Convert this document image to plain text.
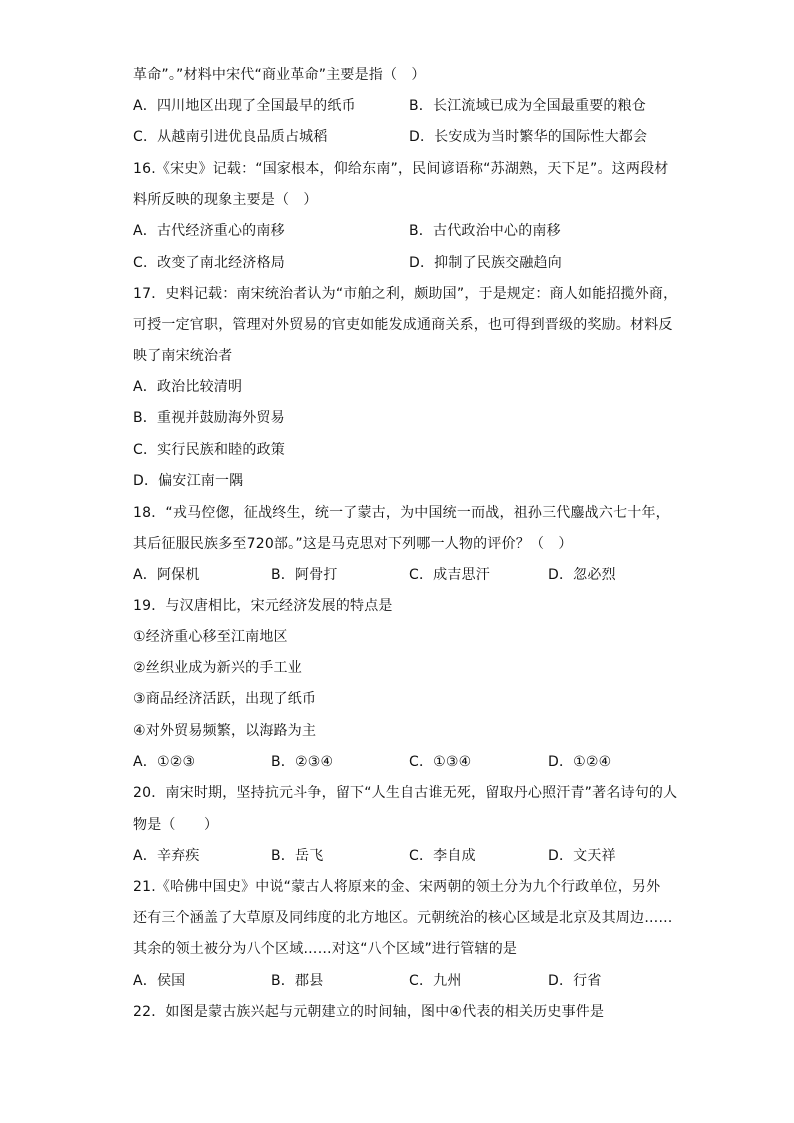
革命”。”材料中宋代“商业革命”主要是指（　）
A．四川地区出现了全国最早的纸币	B．长江流域已成为全国最重要的粮仓
C．从越南引进优良品质占城稻	D．长安成为当时繁华的国际性大都会
16.《宋史》记载：“国家根本，仰给东南”，民间谚语称“苏湖熟，天下足”。这两段材
料所反映的现象主要是（　）
A．古代经济重心的南移	B．古代政治中心的南移
C．改变了南北经济格局	D．抑制了民族交融趋向
17．史料记载：南宋统治者认为“市舶之利，颇助国”，于是规定：商人如能招揽外商，
可授一定官职，管理对外贸易的官吏如能发成通商关系，也可得到晋级的奖励。材料反
映了南宋统治者
A．政治比较清明
B．重视并鼓励海外贸易
C．实行民族和睦的政策
D．偏安江南一隅
18．“戎马倥偬，征战终生，统一了蒙古，为中国统一而战，祖孙三代鏖战六七十年，
其后征服民族多至720部。”这是马克思对下列哪一人物的评价？（　）
A．阿保机	B．阿骨打	C．成吉思汗	D．忽必烈
19．与汉唐相比，宋元经济发展的特点是
①经济重心移至江南地区
②丝织业成为新兴的手工业
③商品经济活跃，出现了纸币
④对外贸易频繁，以海路为主
A．①②③	B．②③④	C．①③④	D．①②④
20．南宋时期，坚持抗元斗争，留下“人生自古谁无死，留取丹心照汗青”著名诗句的人
物是（　　）
A．辛弃疾	B．岳飞	C．李自成	D．文天祥
21.《哈佛中国史》中说“蒙古人将原来的金、宋两朝的领土分为九个行政单位，另外
还有三个涵盖了大草原及同纬度的北方地区。元朝统治的核心区域是北京及其周边……
其余的领土被分为八个区域……对这“八个区域”进行管辖的是
A．侯国	B．郡县	C．九州	D．行省
22．如图是蒙古族兴起与元朝建立的时间轴，图中④代表的相关历史事件是
